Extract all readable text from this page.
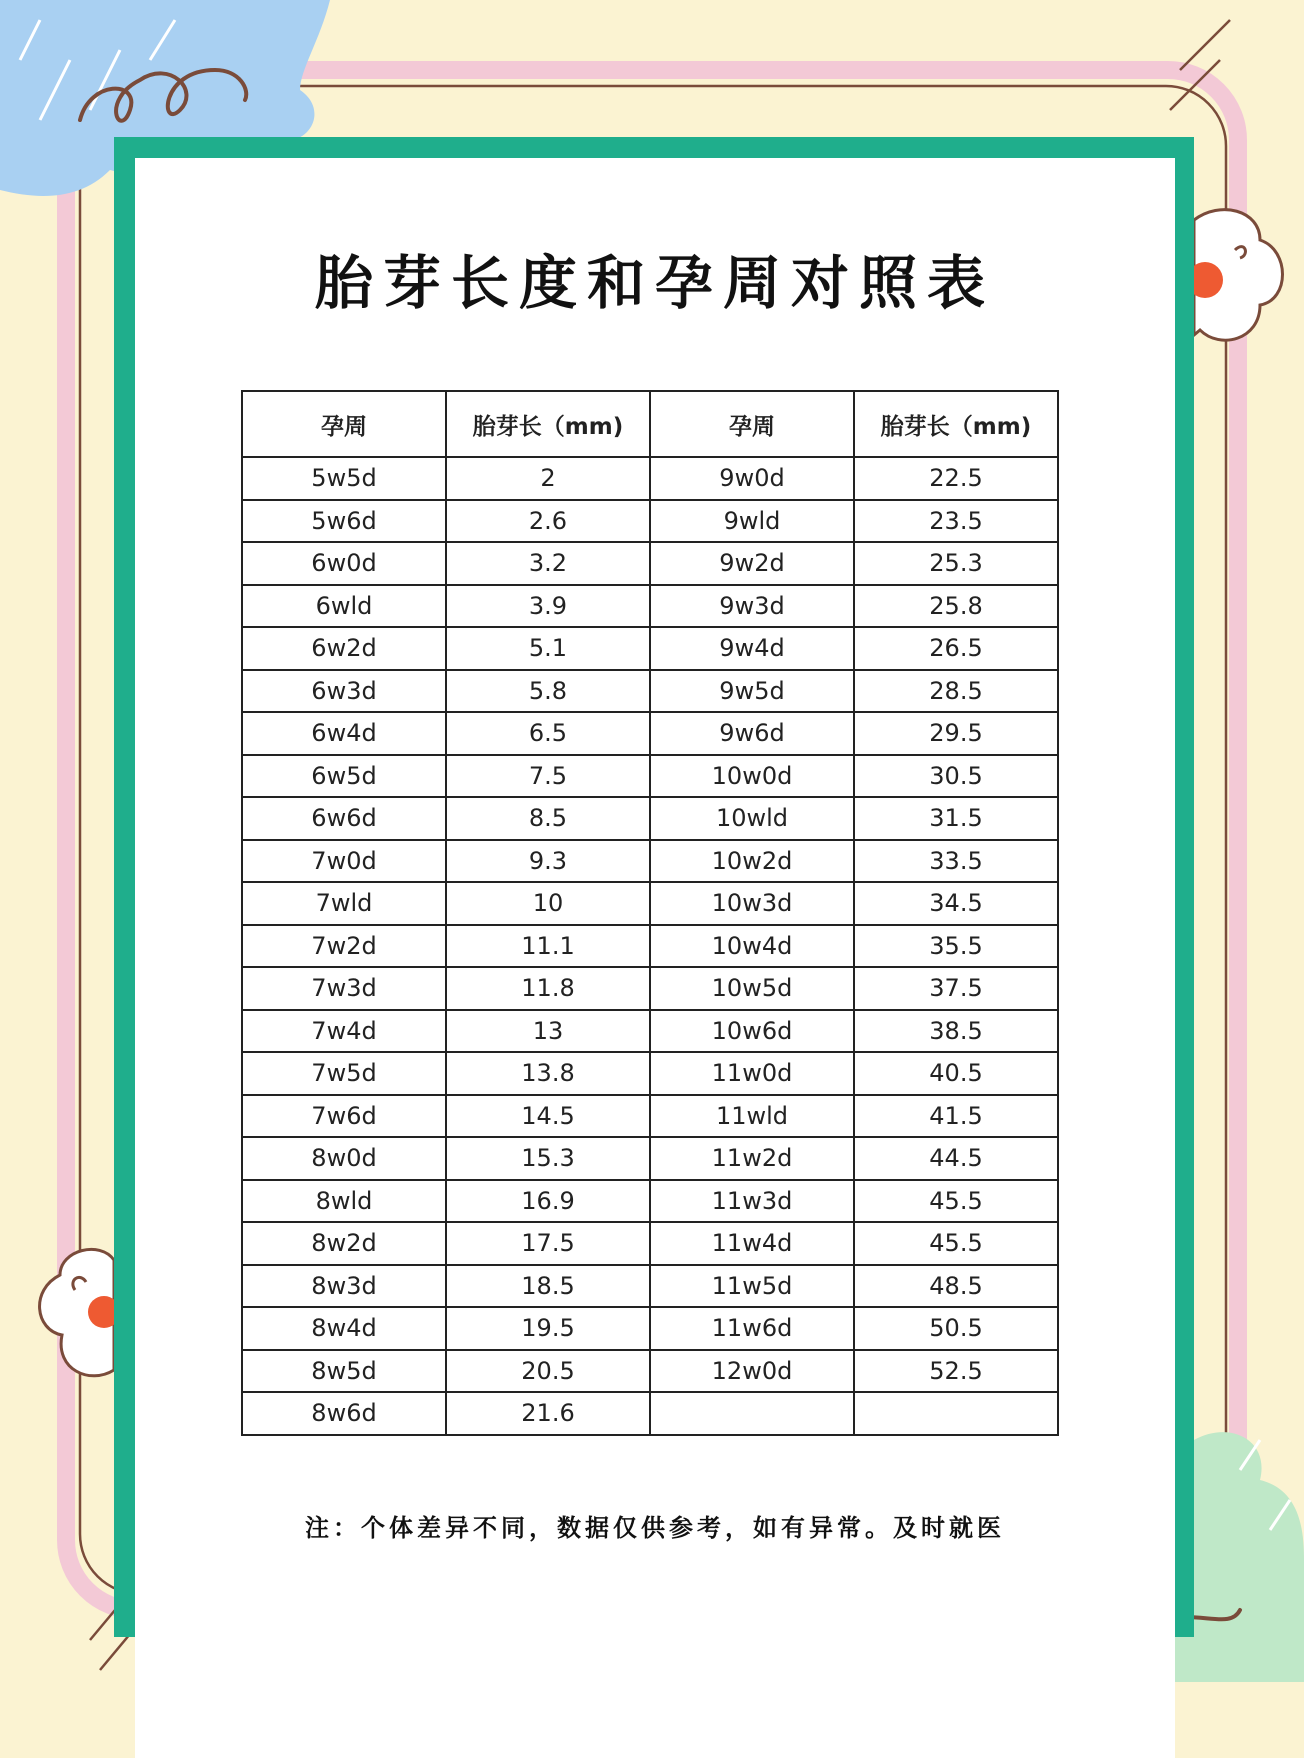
胎芽长度和孕周对照表
孕周	胎芽长（mm)	孕周	胎芽长（mm)
5w5d	2	9w0d	22.5
5w6d	2.6	9wld	23.5
6w0d	3.2	9w2d	25.3
6wld	3.9	9w3d	25.8
6w2d	5.1	9w4d	26.5
6w3d	5.8	9w5d	28.5
6w4d	6.5	9w6d	29.5
6w5d	7.5	10w0d	30.5
6w6d	8.5	10wld	31.5
7w0d	9.3	10w2d	33.5
7wld	10	10w3d	34.5
7w2d	11.1	10w4d	35.5
7w3d	11.8	10w5d	37.5
7w4d	13	10w6d	38.5
7w5d	13.8	11w0d	40.5
7w6d	14.5	11wld	41.5
8w0d	15.3	11w2d	44.5
8wld	16.9	11w3d	45.5
8w2d	17.5	11w4d	45.5
8w3d	18.5	11w5d	48.5
8w4d	19.5	11w6d	50.5
8w5d	20.5	12w0d	52.5
8w6d	21.6		
注：个体差异不同，数据仅供参考，如有异常。及时就医
